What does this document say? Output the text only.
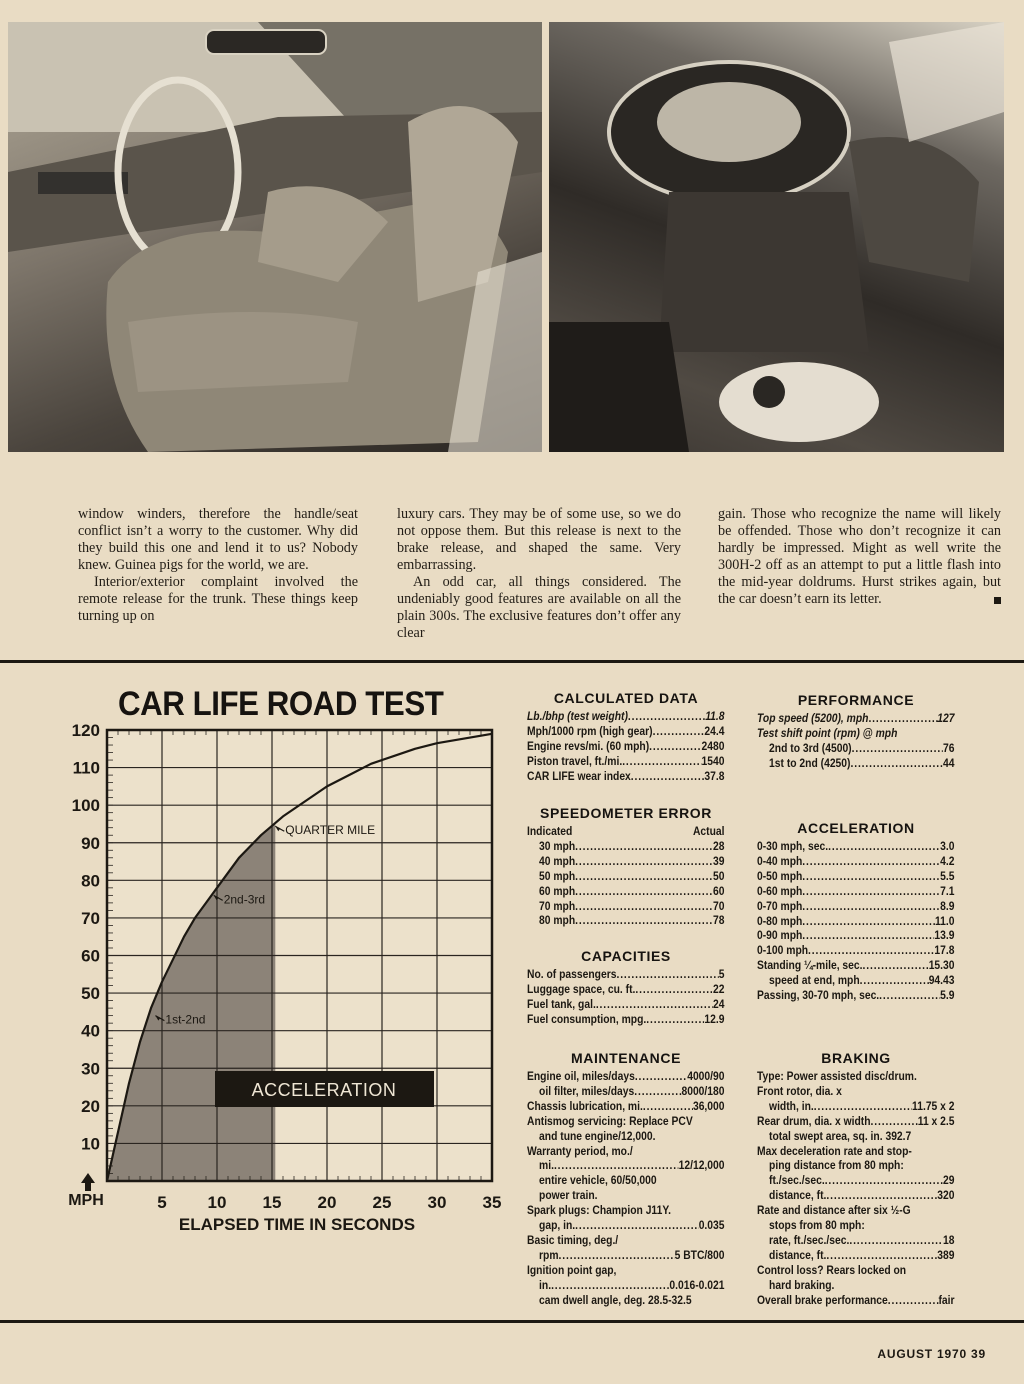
window winders, therefore the handle/seat conflict isn’t a worry to the customer. Why did they build this one and lend it to us? Nobody knew. Guinea pigs for the world, we are.

Interior/exterior complaint involved the remote release for the trunk. These things keep turning up on

luxury cars. They may be of some use, so we do not oppose them. But this release is next to the brake release, and shaped the same. Very embarrassing.

An odd car, all things considered. The undeniably good features are available on all the plain 300s. The exclusive features don’t offer any clear

gain. Those who recognize the name will likely be offended. Those who don’t recognize it can hardly be impressed. Might as well write the 300H-2 off as an attempt to put a little flash into the mid-year doldrums. Hurst strikes again, but the car doesn’t earn its letter.

CAR LIFE ROAD TEST
10
20
30
40
50
60
70
80
90
100
110
120
5 10 15 20 25 30 35
1st-2nd
2nd-3rd
QUARTER MILE
ACCELERATION
MPH
ELAPSED TIME IN SECONDS
CALCULATED DATA
Lb./bhp (test weight) .....	11.8
Mph/1000 rpm (high gear) .....	24.4
Engine revs/mi. (60 mph) .....	2480
Piston travel, ft./mi. .....	1540
CAR LIFE wear index .....	37.8
SPEEDOMETER ERROR
Indicated	Actual
30 mph .....	28
40 mph .....	39
50 mph .....	50
60 mph .....	60
70 mph .....	70
80 mph .....	78
CAPACITIES
No. of passengers .....	5
Luggage space, cu. ft. .....	22
Fuel tank, gal. .....	24
Fuel consumption, mpg. .....	12.9
MAINTENANCE
Engine oil, miles/days .....	4000/90
oil filter, miles/days .....	8000/180
Chassis lubrication, mi. .....	36,000
Antismog servicing: Replace PCV
and tune engine/12,000.
Warranty period, mo./
mi. .....	12/12,000
entire vehicle, 60/50,000
power train.
Spark plugs: Champion J11Y.
gap, in. .....	0.035
Basic timing, deg./
rpm .....	5 BTC/800
Ignition point gap,
in. .....	0.016-0.021
cam dwell angle, deg. 28.5-32.5
PERFORMANCE
Top speed (5200), mph .....	127
Test shift point (rpm) @ mph
2nd to 3rd (4500) .....	76
1st to 2nd (4250) .....	44
ACCELERATION
0-30 mph, sec. .....	3.0
0-40 mph .....	4.2
0-50 mph .....	5.5
0-60 mph .....	7.1
0-70 mph .....	8.9
0-80 mph .....	11.0
0-90 mph .....	13.9
0-100 mph .....	17.8
Standing ¼-mile, sec. .....	15.30
speed at end, mph .....	94.43
Passing, 30-70 mph, sec. .....	5.9
BRAKING
Type: Power assisted disc/drum.
Front rotor, dia. x
width, in. .....	11.75 x 2
Rear drum, dia. x width .....	11 x 2.5
total swept area, sq. in. 392.7
Max deceleration rate and stop-
ping distance from 80 mph:
ft./sec./sec. .....	29
distance, ft. .....	320
Rate and distance after six ½-G
stops from 80 mph:
rate, ft./sec./sec. .....	18
distance, ft. .....	389
Control loss? Rears locked on
hard braking.
Overall brake performance .....	fair
AUGUST 1970 39
